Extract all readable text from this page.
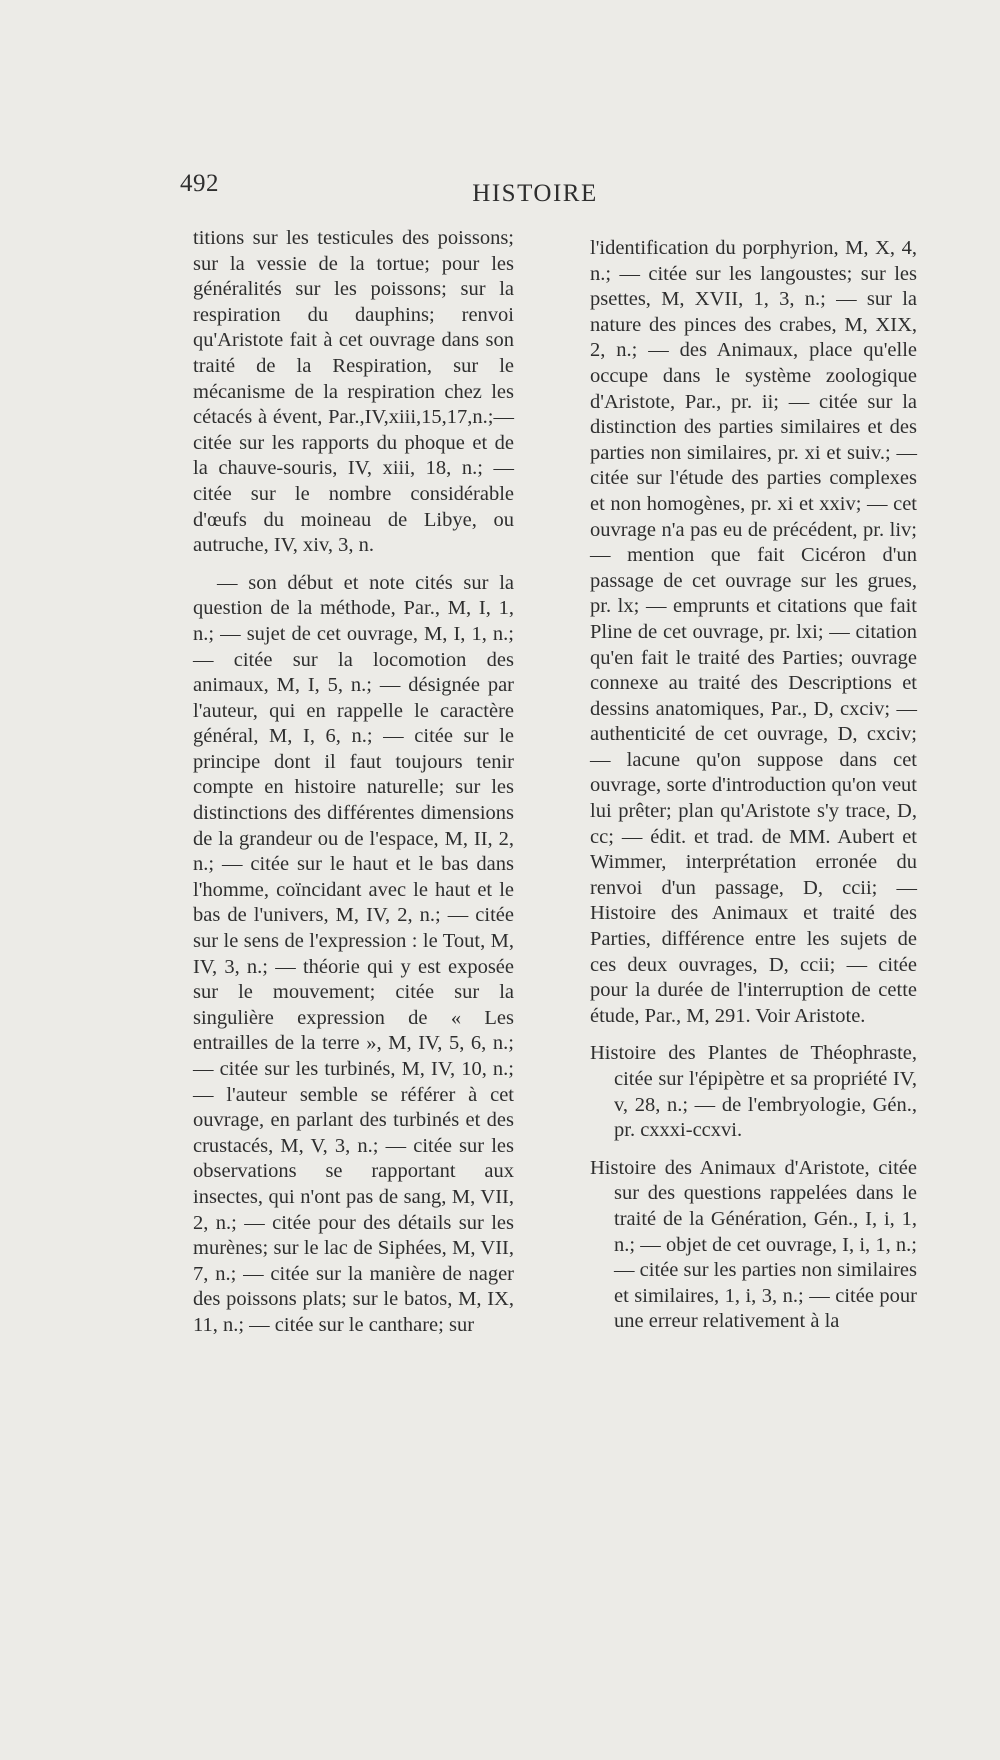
492	HISTOIRE

titions sur les testicules des poissons; sur la vessie de la tortue; pour les généralités sur les poissons; sur la respiration du dauphins; renvoi qu'Aristote fait à cet ouvrage dans son traité de la Respiration, sur le mécanisme de la respiration chez les cétacés à évent, Par.,IV,xiii,15,17,n.;— citée sur les rapports du phoque et de la chauve-souris, IV, xiii, 18, n.; — citée sur le nombre considérable d'œufs du moineau de Libye, ou autruche, IV, xiv, 3, n.

— son début et note cités sur la question de la méthode, Par., M, I, 1, n.; — sujet de cet ouvrage, M, I, 1, n.; — citée sur la locomotion des animaux, M, I, 5, n.; — désignée par l'auteur, qui en rappelle le caractère général, M, I, 6, n.; — citée sur le principe dont il faut toujours tenir compte en histoire naturelle; sur les distinctions des différentes dimensions de la grandeur ou de l'espace, M, II, 2, n.; — citée sur le haut et le bas dans l'homme, coïncidant avec le haut et le bas de l'univers, M, IV, 2, n.; — citée sur le sens de l'expression : le Tout, M, IV, 3, n.; — théorie qui y est exposée sur le mouvement; citée sur la singulière expression de « Les entrailles de la terre », M, IV, 5, 6, n.; — citée sur les turbinés, M, IV, 10, n.; — l'auteur semble se référer à cet ouvrage, en parlant des turbinés et des crustacés, M, V, 3, n.; — citée sur les observations se rapportant aux insectes, qui n'ont pas de sang, M, VII, 2, n.; — citée pour des détails sur les murènes; sur le lac de Siphées, M, VII, 7, n.; — citée sur la manière de nager des poissons plats; sur le batos, M, IX, 11, n.; — citée sur le canthare; sur

l'identification du porphyrion, M, X, 4, n.; — citée sur les langoustes; sur les psettes, M, XVII, 1, 3, n.; — sur la nature des pinces des crabes, M, XIX, 2, n.; — des Animaux, place qu'elle occupe dans le système zoologique d'Aristote, Par., pr. ii; — citée sur la distinction des parties similaires et des parties non similaires, pr. xi et suiv.; — citée sur l'étude des parties complexes et non homogènes, pr. xi et xxiv; — cet ouvrage n'a pas eu de précédent, pr. liv; — mention que fait Cicéron d'un passage de cet ouvrage sur les grues, pr. lx; — emprunts et citations que fait Pline de cet ouvrage, pr. lxi; — citation qu'en fait le traité des Parties; ouvrage connexe au traité des Descriptions et dessins anatomiques, Par., D, cxciv; — authenticité de cet ouvrage, D, cxciv; — lacune qu'on suppose dans cet ouvrage, sorte d'introduction qu'on veut lui prêter; plan qu'Aristote s'y trace, D, cc; — édit. et trad. de MM. Aubert et Wimmer, interprétation erronée du renvoi d'un passage, D, ccii; — Histoire des Animaux et traité des Parties, différence entre les sujets de ces deux ouvrages, D, ccii; — citée pour la durée de l'interruption de cette étude, Par., M, 291. Voir Aristote.

Histoire des Plantes de Théophraste, citée sur l'épipètre et sa propriété IV, v, 28, n.; — de l'embryologie, Gén., pr. cxxxi-ccxvi.

Histoire des Animaux d'Aristote, citée sur des questions rappelées dans le traité de la Génération, Gén., I, i, 1, n.; — objet de cet ouvrage, I, i, 1, n.; — citée sur les parties non similaires et similaires, 1, i, 3, n.; — citée pour une erreur relativement à la
